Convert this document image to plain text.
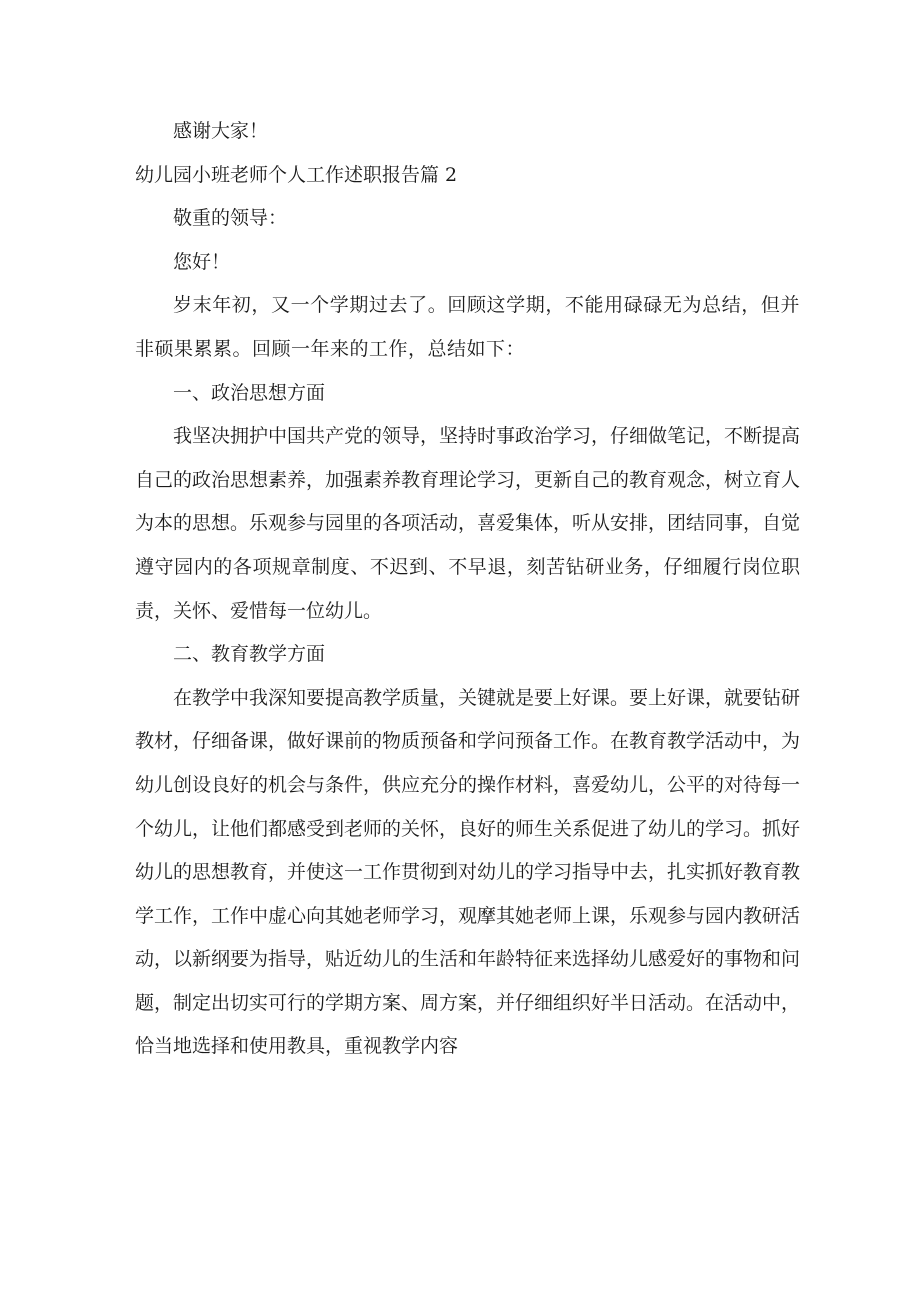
感谢大家！

幼儿园小班老师个人工作述职报告篇 2

敬重的领导：

您好！

岁末年初，又一个学期过去了。回顾这学期，不能用碌碌无为总结，但并非硕果累累。回顾一年来的工作，总结如下：

一、政治思想方面

我坚决拥护中国共产党的领导，坚持时事政治学习，仔细做笔记，不断提高自己的政治思想素养，加强素养教育理论学习，更新自己的教育观念，树立育人为本的思想。乐观参与园里的各项活动，喜爱集体，听从安排，团结同事，自觉遵守园内的各项规章制度、不迟到、不早退，刻苦钻研业务，仔细履行岗位职责，关怀、爱惜每一位幼儿。

二、教育教学方面

在教学中我深知要提高教学质量，关键就是要上好课。要上好课，就要钻研教材，仔细备课，做好课前的物质预备和学问预备工作。在教育教学活动中，为幼儿创设良好的机会与条件，供应充分的操作材料，喜爱幼儿，公平的对待每一个幼儿，让他们都感受到老师的关怀，良好的师生关系促进了幼儿的学习。抓好幼儿的思想教育，并使这一工作贯彻到对幼儿的学习指导中去，扎实抓好教育教学工作，工作中虚心向其她老师学习，观摩其她老师上课，乐观参与园内教研活动，以新纲要为指导，贴近幼儿的生活和年龄特征来选择幼儿感爱好的事物和问题，制定出切实可行的学期方案、周方案，并仔细组织好半日活动。在活动中，恰当地选择和使用教具，重视教学内容
